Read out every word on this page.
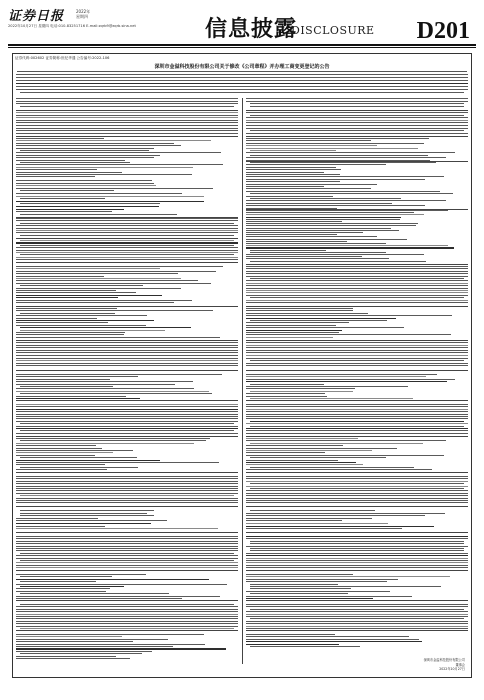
证券日报	2022年
星期四
2022年10月27日 星期四 电话:010-83251716 E-mail:zqrb9@zqrb.sina.net	信息披露
DISCLOSURE D201
证券代码:002602 证券简称:世纪华通 公告编号:2022-106
深圳市金溢科技股份有限公司关于修改《公司章程》并办理工商变更登记的公告
深圳市金溢科技股份有限公司
董事会
2022年10月27日
